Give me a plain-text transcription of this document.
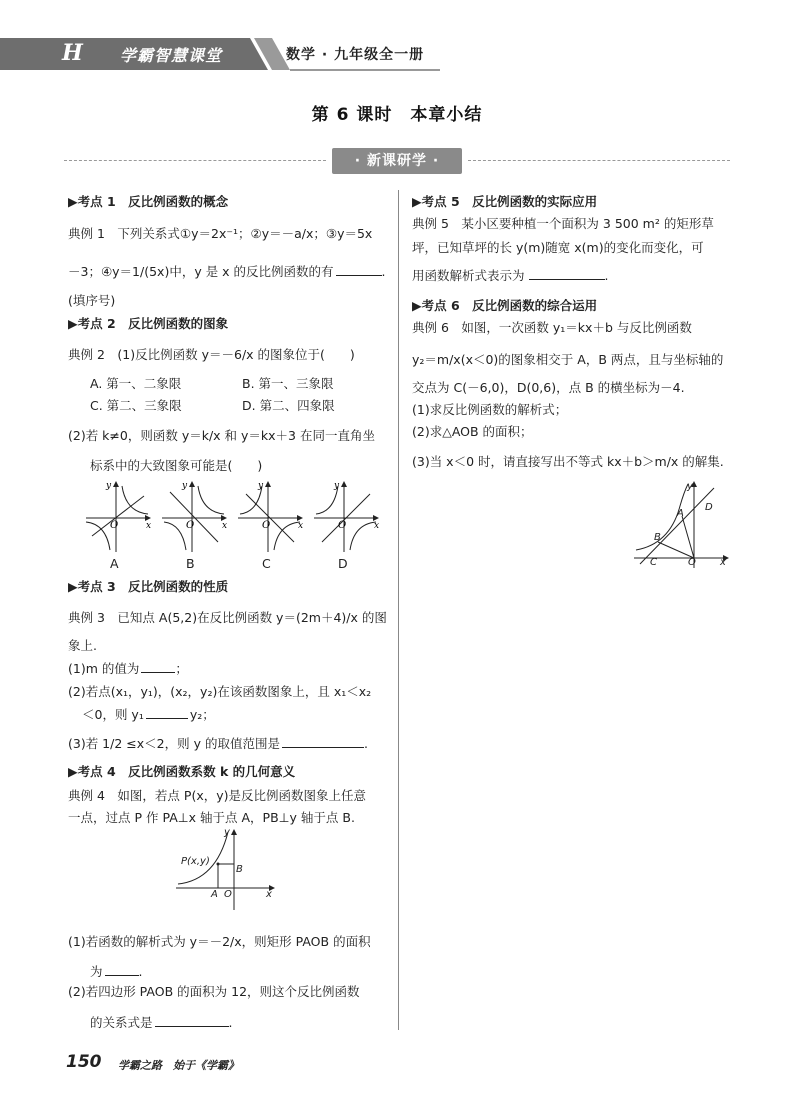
H 学霸智慧课堂	数学 · 九年级全一册
第 6 课时　本章小结
· 新课研学 ·
▶考点 1　反比例函数的概念
典例 1　下列关系式①y＝2x⁻¹；②y＝－a/x；③y＝5x
－3；④y＝1/(5x)中，y 是 x 的反比例函数的有	.
(填序号)
▶考点 2　反比例函数的图象
典例 2　(1)反比例函数 y＝－6/x 的图象位于(　　)
A. 第一、二象限	B. 第一、三象限
C. 第二、三象限	D. 第二、四象限
(2)若 k≠0，则函数 y＝k/x 和 y＝kx＋3 在同一直角坐
标系中的大致图象可能是(　　)
O	x
y
O	x
y
O	x
y
O	x
y
A	B	C	D
▶考点 3　反比例函数的性质
典例 3　已知点 A(5,2)在反比例函数 y＝(2m＋4)/x 的图
象上.
(1)m 的值为	；
(2)若点(x₁，y₁)，(x₂，y₂)在该函数图象上，且 x₁＜x₂
＜0，则 y₁	y₂；
(3)若 1/2 ≤x＜2，则 y 的取值范围是	.
▶考点 4　反比例函数系数 k 的几何意义
典例 4　如图，若点 P(x，y)是反比例函数图象上任意
一点，过点 P 作 PA⊥x 轴于点 A，PB⊥y 轴于点 B.
P(x,y)
B
A O	x
y
(1)若函数的解析式为 y＝－2/x，则矩形 PAOB 的面积
为	.
(2)若四边形 PAOB 的面积为 12，则这个反比例函数
的关系式是	.
▶考点 5　反比例函数的实际应用
典例 5　某小区要种植一个面积为 3 500 m² 的矩形草
坪，已知草坪的长 y(m)随宽 x(m)的变化而变化，可
用函数解析式表示为	.
▶考点 6　反比例函数的综合运用
典例 6　如图，一次函数 y₁＝kx＋b 与反比例函数
y₂＝m/x(x＜0)的图象相交于 A，B 两点，且与坐标轴的
交点为 C(－6,0)，D(0,6)，点 B 的横坐标为－4.
(1)求反比例函数的解析式；
(2)求△AOB 的面积；
(3)当 x＜0 时，请直接写出不等式 kx＋b＞m/x 的解集.
y
D
A
B
C	O x
150 学霸之路　始于《学霸》
